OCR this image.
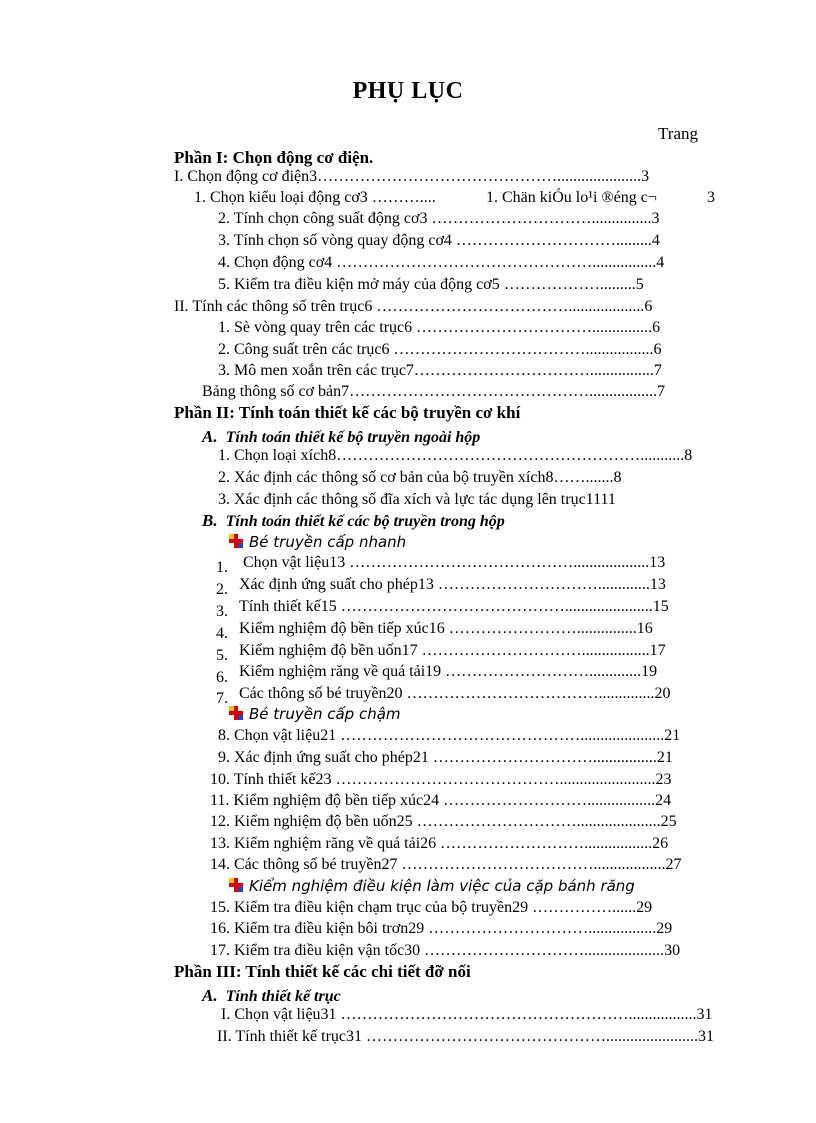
PHỤ LỤC
Trang
Phần I: Chọn động cơ điện.
I. Chọn động cơ điện3……………………………………….....................3
1. Chọn kiểu loại động cơ3 ………....	1. Chän kiÓu lo¹i ®éng c¬	3
2. Tính chọn công suất động cơ3 …………………………...............3
3. Tính chọn số vòng quay động cơ4 ………………………….........4
4. Chọn động cơ4 …………………………………………................4
5. Kiểm tra điều kiện mở máy của động cơ5 ……………….........5
II. Tính các thông số trên trục6 ………………………………...................6
1. Sè vòng quay trên các trục6 ……………………………...............6
2. Công suất trên các trục6 ……………………………….................6
3. Mô men xoắn trên các trục7……………………………................7
Bảng thông số cơ bản7……………………………………….................7
Phần II: Tính toán thiết kế các bộ truyền cơ khí
A. Tính toán thiết kế bộ truyền ngoài hộp
1. Chọn loại xích8…………………………………………………...........8
2. Xác định các thông số cơ bản của bộ truyền xích8…….......8
3. Xác định các thông số đĩa xích và lực tác dụng lên trục1111
B. Tính toán thiết kế các bộ truyền trong hộp
Bé truyền cấp nhanh
1. Chọn vật liệu13 ……………………………………...................13
2. Xác định ứng suất cho phép13 ………………………….............13
3. Tính thiết kế15 ……………………………………......................15
4. Kiểm nghiệm độ bền tiếp xúc16 ……………………...............16
5. Kiểm nghiệm độ bền uốn17 ………………………….................17
6. Kiểm nghiệm răng về quá tải19 ……………………….............19
7. Các thông số bé truyền20 ………………………………..............20
Bé truyền cấp chậm
8. Chọn vật liệu21 ……………………………………….....................21
9. Xác định ứng suất cho phép21 …………………………................21
10. Tính thiết kế23 ……………………………………........................23
11. Kiểm nghiệm độ bền tiếp xúc24 ……………………….................24
12. Kiểm nghiệm độ bền uốn25 ………………………….....................25
13. Kiểm nghiệm răng về quá tải26 ……………………….................26
14. Các thông số bé truyền27 ………………………………..................27
Kiểm nghiệm điều kiện làm việc của cặp bánh răng
15. Kiểm tra điều kiện chạm trục của bộ truyền29 ……………......29
16. Kiểm tra điều kiện bôi trơn29 ………………………….................29
17. Kiểm tra điều kiện vận tốc30 …………………………....................30
Phần III: Tính thiết kế các chi tiết đỡ nối
A. Tính thiết kế trục
I. Chọn vật liệu31 ……………………………………………….................31
II. Tính thiết kế trục31 ……………………………………….......................31
